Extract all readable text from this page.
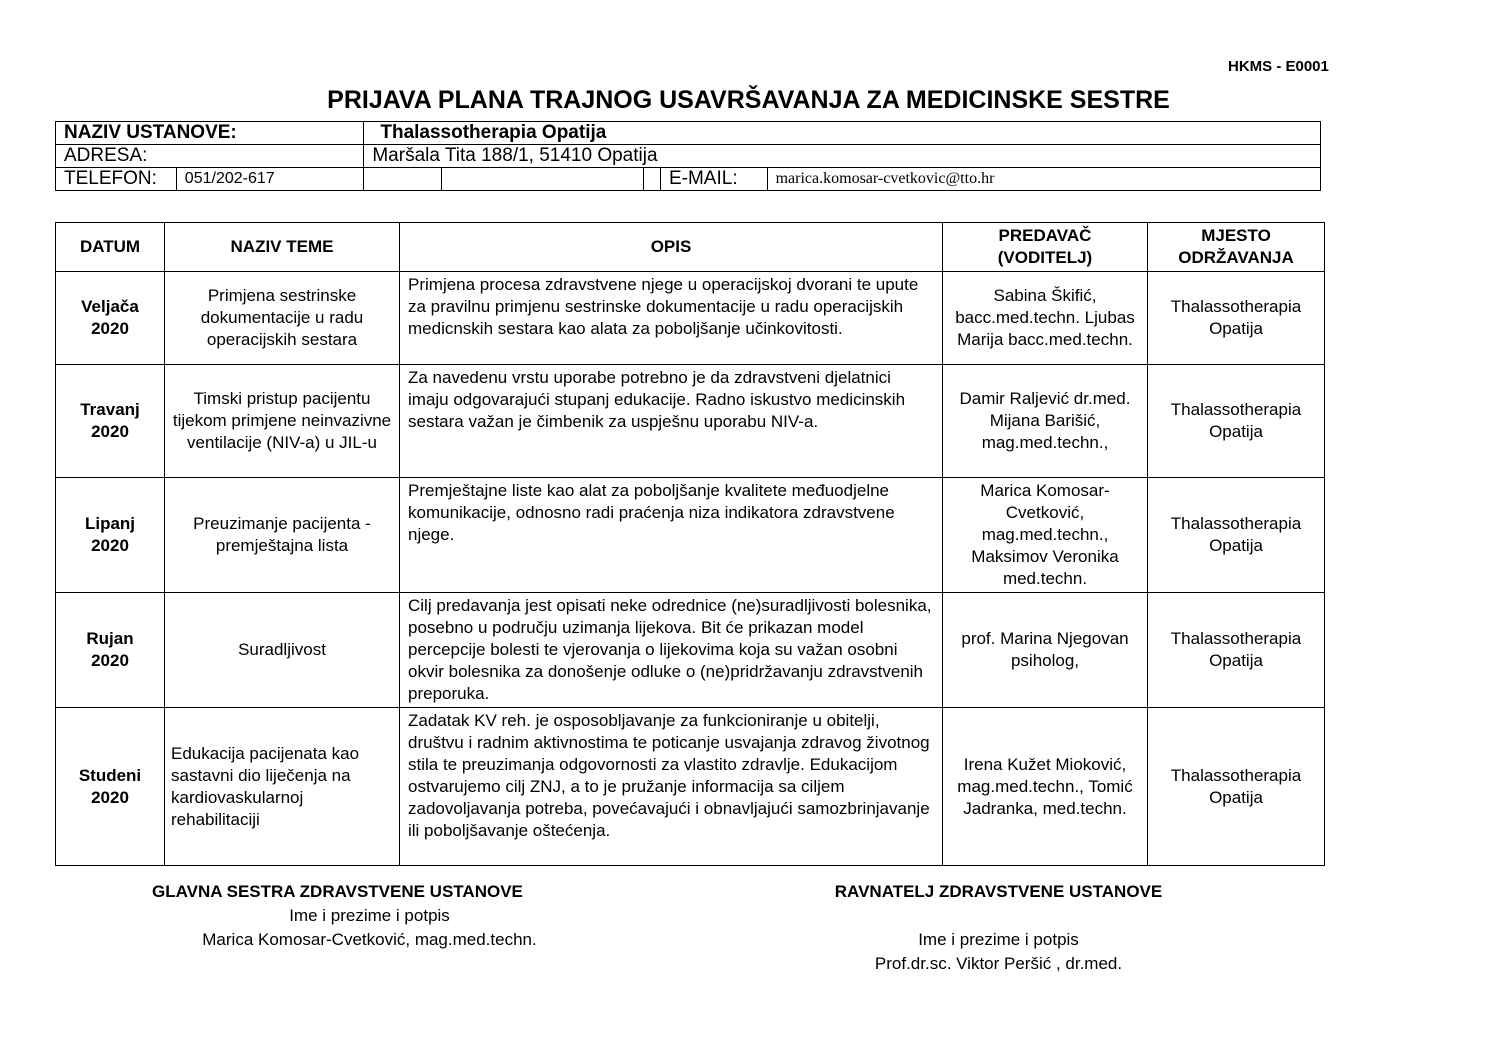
HKMS - E0001
PRIJAVA PLANA TRAJNOG USAVRŠAVANJA ZA MEDICINSKE SESTRE
NAZIV USTANOVE:		Thalassotherapia Opatija				
ADRESA:		Maršala Tita 188/1, 51410 Opatija				
TELEFON:	051/202-617				E-MAIL:	marica.komosar-cvetkovic@tto.hr
DATUM	NAZIV TEME	OPIS	PREDAVAČ (VODITELJ)	MJESTO ODRŽAVANJA

Veljača
2020	Primjena sestrinske dokumentacije u radu operacijskih sestara	Primjena procesa zdravstvene njege u operacijskoj dvorani te upute za pravilnu primjenu sestrinske dokumentacije u radu operacijskih medicnskih sestara kao alata za poboljšanje učinkovitosti.	Sabina Škifić, bacc.med.techn. Ljubas Marija bacc.med.techn.	Thalassotherapia Opatija

Travanj
2020	Timski pristup pacijentu tijekom primjene neinvazivne ventilacije (NIV-a) u JIL-u	Za navedenu vrstu uporabe potrebno je da zdravstveni djelatnici imaju odgovarajući stupanj edukacije. Radno iskustvo medicinskih sestara važan je čimbenik za uspješnu uporabu NIV-a.	Damir Raljević dr.med. Mijana Barišić, mag.med.techn.,	Thalassotherapia Opatija

Lipanj
2020	Preuzimanje pacijenta - premještajna lista	Premještajne liste kao alat za poboljšanje kvalitete međuodjelne komunikacije, odnosno radi praćenja niza indikatora zdravstvene njege.	Marica Komosar-Cvetković, mag.med.techn., Maksimov Veronika med.techn.	Thalassotherapia Opatija

Rujan
2020	Suradljivost	Cilj predavanja jest opisati neke odrednice (ne)suradljivosti bolesnika, posebno u području uzimanja lijekova. Bit će prikazan model percepcije bolesti te vjerovanja o lijekovima koja su važan osobni okvir bolesnika za donošenje odluke o (ne)pridržavanju zdravstvenih preporuka.	prof. Marina Njegovan psiholog,	Thalassotherapia Opatija

Studeni
2020	Edukacija pacijenata kao sastavni dio liječenja na kardiovaskularnoj rehabilitaciji	Zadatak KV reh. je osposobljavanje za funkcioniranje u obitelji, društvu i radnim aktivnostima te poticanje usvajanja zdravog životnog stila te preuzimanja odgovornosti za vlastito zdravlje. Edukacijom ostvarujemo cilj ZNJ, a to je pružanje informacija sa ciljem zadovoljavanja potreba, povećavajući i obnavljajući samozbrinjavanje ili poboljšavanje oštećenja.	Irena Kužet Mioković, mag.med.techn., Tomić Jadranka, med.techn.	Thalassotherapia Opatija
GLAVNA SESTRA ZDRAVSTVENE USTANOVE
Ime i prezime i potpis
Marica Komosar-Cvetković, mag.med.techn.
RAVNATELJ ZDRAVSTVENE USTANOVE
Ime i prezime i potpis
Prof.dr.sc. Viktor Peršić , dr.med.
